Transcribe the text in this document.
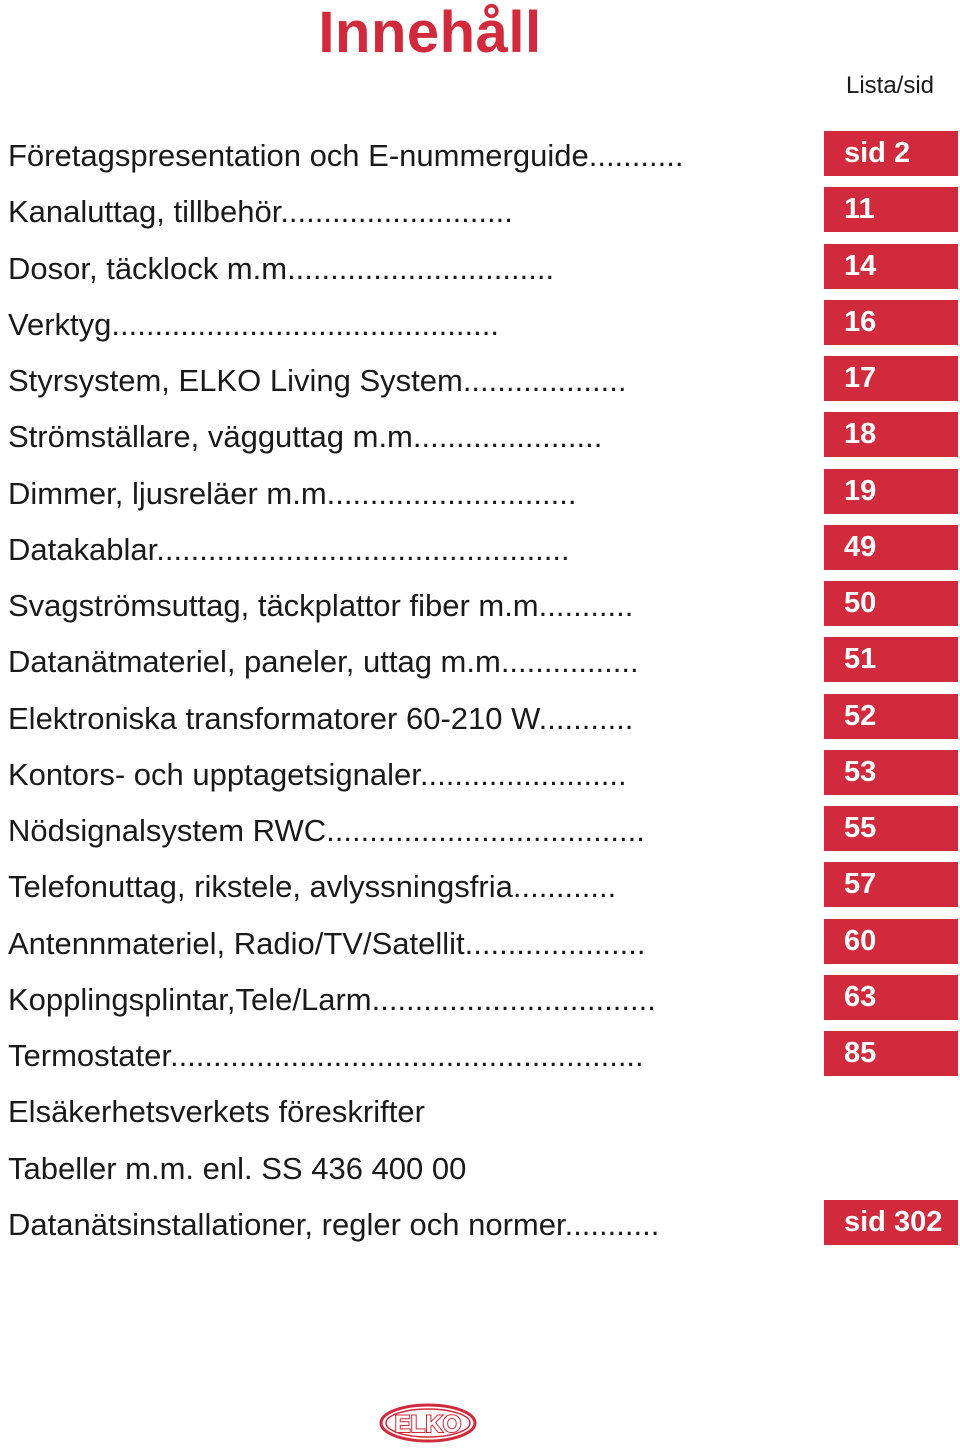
Innehåll
Lista/sid
Företagspresentation och E-nummerguide...........	sid 2
Kanaluttag, tillbehör...........................	11
Dosor, täcklock m.m...............................	14
Verktyg.............................................	16
Styrsystem, ELKO Living System...................	17
Strömställare, vägguttag m.m......................	18
Dimmer, ljusreläer m.m.............................	19
Datakablar................................................	49
Svagströmsuttag, täckplattor fiber m.m...........	50
Datanätmateriel, paneler, uttag m.m................	51
Elektroniska transformatorer 60-210 W...........	52
Kontors- och upptagetsignaler........................	53
Nödsignalsystem RWC.....................................	55
Telefonuttag, rikstele, avlyssningsfria............	57
Antennmateriel, Radio/TV/Satellit.....................	60
Kopplingsplintar,Tele/Larm.................................	63
Termostater.......................................................	85
Elsäkerhetsverkets föreskrifter
Tabeller m.m. enl. SS 436 400 00
Datanätsinstallationer, regler och normer...........	sid 302
ELKO
